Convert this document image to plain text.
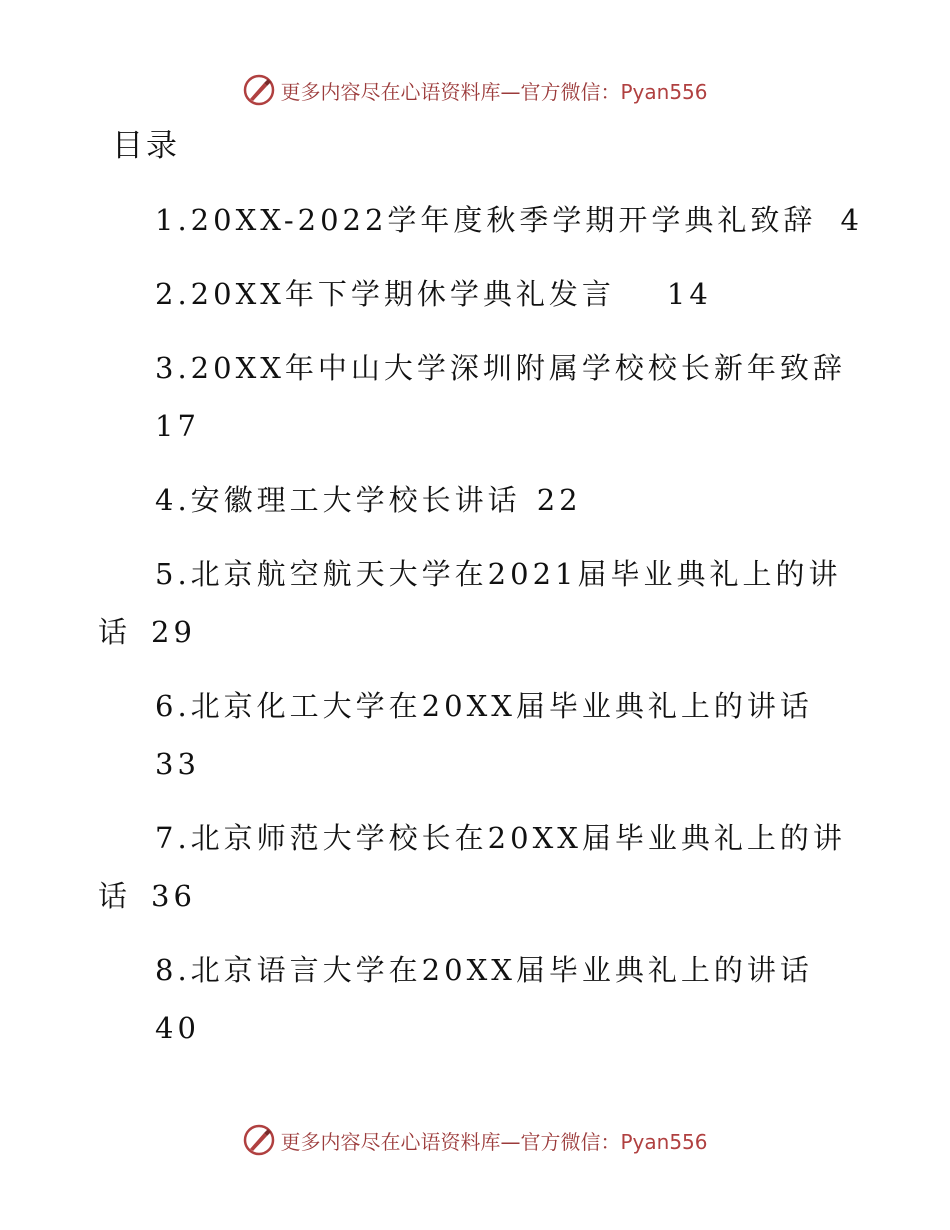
更多内容尽在心语资料库—官方微信：Pyan556
目录
1.20XX-2022学年度秋季学期开学典礼致辞 4
2.20XX年下学期休学典礼发言 14
3.20XX年中山大学深圳附属学校校长新年致辞
17
4.安徽理工大学校长讲话 22
5.北京航空航天大学在2021届毕业典礼上的讲
话 29
6.北京化工大学在20XX届毕业典礼上的讲话
33
7.北京师范大学校长在20XX届毕业典礼上的讲
话 36
8.北京语言大学在20XX届毕业典礼上的讲话
40
更多内容尽在心语资料库—官方微信：Pyan556
